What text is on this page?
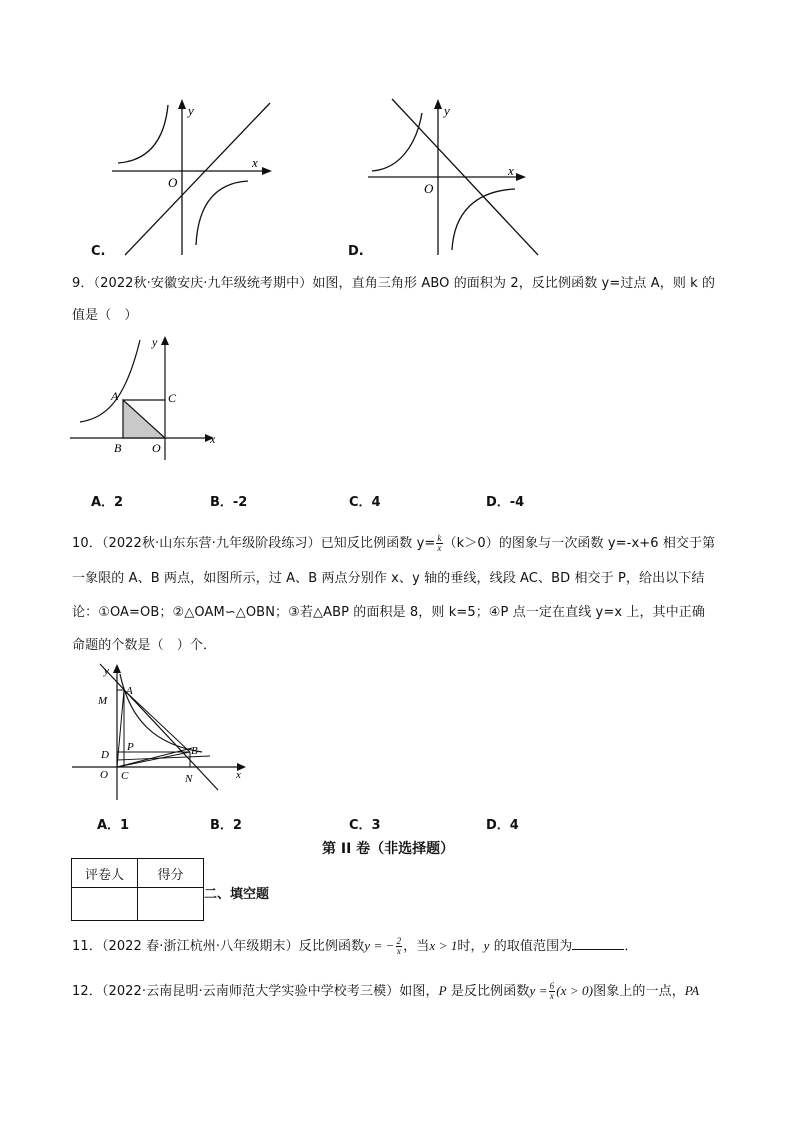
y
x
O
C.
y
x
O
D.
9．（2022秋·安徽安庆·九年级统考期中）如图，直角三角形 ABO 的面积为 2，反比例函数 y=过点 A，则 k 的
值是（　）
y
x
A
B
C
O
A．2	B．-2	C．4	D．-4
10．（2022秋·山东东营·九年级阶段练习）已知反比例函数 $y= \frac{k}{x} (k>0)$的图象与一次函数 y=-x+6 相交于第
一象限的 A、B 两点，如图所示，过 A、B 两点分别作 x、y 轴的垂线，线段 AC、BD 相交于 P，给出以下结
论：①OA=OB；②△OAM∽△OBN；③若△ABP 的面积是 8，则 k=5；④P 点一定在直线 y=x 上，其中正确
命题的个数是（　）个．
y
x
M
A
D
P	B
O C	N
A．1	B．2	C．3	D．4
第 II 卷（非选择题）
评卷人	得分

二、填空题
11．（2022 春·浙江杭州·八年级期末）反比例函数y = − $\frac{2}{x}$ ，当x > 1时，y 的取值范围为	．
12．（2022·云南昆明·云南师范大学实验中学校考三模）如图，P 是反比例函数$y = \frac{6}{x} (x > 0)$图象上的一点，PA
